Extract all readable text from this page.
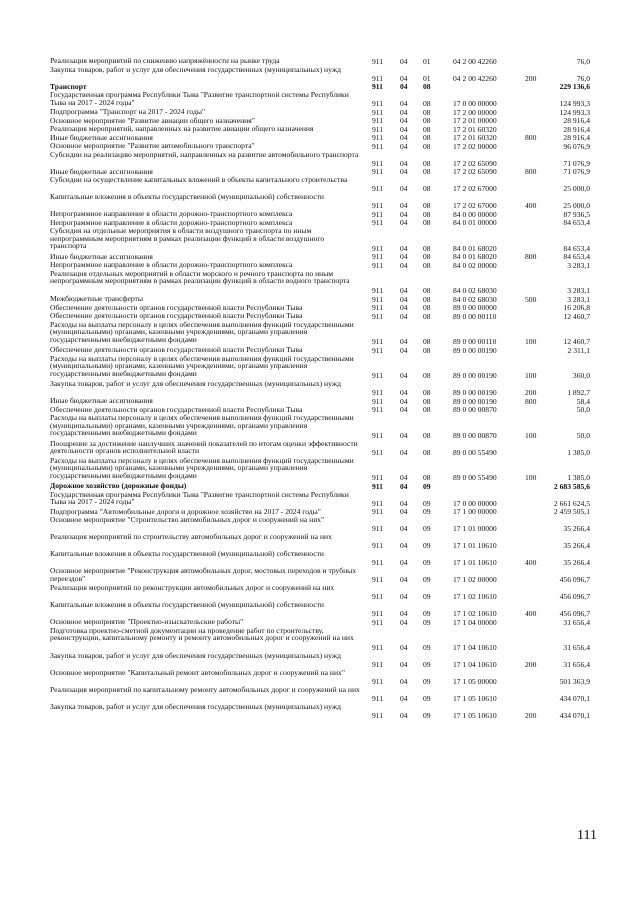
Реализация мероприятий по снижению напряжённости на рынке труда	911 04 01	04 2 00 42260	76,0
Закупка товаров, работ и услуг для обеспечения государственных (муниципальных) нужд
911 04 01	04 2 00 42260	200	76,0
Транспорт	911 04 08	229 136,6
Государственная программа Республики Тыва "Развитие транспортной системы Республики Тыва на 2017 - 2024 годы"	911 04 08	17 0 00 00000	124 993,3
Подпрограмма "Транспорт на 2017 - 2024 годы"	911 04 08	17 2 00 00000	124 993,3
Основное мероприятие "Развитие авиации общего назначения"	911 04 08	17 2 01 00000	28 916,4
Реализация мероприятий, направленных на развитие авиации общего назначения	911 04 08	17 2 01 60320	28 916,4
Иные бюджетные ассигнования	911 04 08	17 2 01 60320	800	28 916,4
Основное мероприятие "Развитие автомобильного транспорта"	911 04 08	17 2 02 00000	96 076,9
Субсидии на реализацию мероприятий, направленных на развитие автомобильного транспорта
911 04 08	17 2 02 65090	71 076,9
Иные бюджетные ассигнования	911 04 08	17 2 02 65090	800	71 076,9
Субсидии на осуществление капитальных вложений в объекты капитального строительства
911 04 08	17 2 02 67000	25 000,0
Капитальные вложения в объекты государственной (муниципальной) собственности
911 04 08	17 2 02 67000	400	25 000,0
Непрограммное направление в области дорожно-транспортного комплекса	911 04 08	84 0 00 00000	87 936,5
Непрограммное направление в области дорожно-транспортного комплекса	911 04 08	84 0 01 00000	84 653,4
Субсидия на отдельные мероприятия в области воздушного транспорта по иным непрограммным мероприятиям в рамках реализации функций в области воздушного транспорта	911 04 08	84 0 01 68020	84 653,4
Иные бюджетные ассигнования	911 04 08	84 0 01 68020	800	84 653,4
Непрограммное направление в области дорожно-транспортного комплекса	911 04 08	84 0 02 00000	3 283,1
Реализация отдельных мероприятий в области морского и речного транспорта по иным непрограммным мероприятиям в рамках реализации функций в области водного транспорта
911 04 08	84 0 02 68030	3 283,1
Межбюджетные трансферты	911 04 08	84 0 02 68030	500	3 283,1
Обеспечение деятельности органов государственной власти Республики Тыва	911 04 08	89 0 00 00000	16 206,8
Обеспечение деятельности органов государственной власти Республики Тыва	911 04 08	89 0 00 00110	12 460,7
Расходы на выплаты персоналу в целях обеспечения выполнения функций государственными (муниципальными) органами, казенными учреждениями, органами управления государственными внебюджетными фондами	911 04 08	89 0 00 00110	100	12 460,7
Обеспечение деятельности органов государственной власти Республики Тыва	911 04 08	89 0 00 00190	2 311,1
Расходы на выплаты персоналу в целях обеспечения выполнения функций государственными (муниципальными) органами, казенными учреждениями, органами управления государственными внебюджетными фондами	911 04 08	89 0 00 00190	100	360,0
Закупка товаров, работ и услуг для обеспечения государственных (муниципальных) нужд
911 04 08	89 0 00 00190	200	1 892,7
Иные бюджетные ассигнования	911 04 08	89 0 00 00190	800	58,4
Обеспечение деятельности органов государственной власти Республики Тыва	911 04 08	89 0 00 00870	50,0
Расходы на выплаты персоналу в целях обеспечения выполнения функций государственными (муниципальными) органами, казенными учреждениями, органами управления государственными внебюджетными фондами	911 04 08	89 0 00 00870	100	50,0
Поощрение за достижение наилучших значений показателей по итогам оценки эффективности деятельности органов исполнительной власти	911 04 08	89 0 00 55490	1 385,0
Расходы на выплаты персоналу в целях обеспечения выполнения функций государственными (муниципальными) органами, казенными учреждениями, органами управления государственными внебюджетными фондами	911 04 08	89 0 00 55490	100	1 385,0
Дорожное хозяйство (дорожные фонды)	911 04 09	2 683 585,6
Государственная программа Республики Тыва "Развитие транспортной системы Республики Тыва на 2017 - 2024 годы"	911 04 09	17 0 00 00000	2 661 624,5
Подпрограмма "Автомобильные дороги и дорожное хозяйство на 2017 - 2024 годы"	911 04 09	17 1 00 00000	2 459 505,1
Основное мероприятие "Строительство автомобильных дорог и сооружений на них"
911 04 09	17 1 01 00000	35 266,4
Реализация мероприятий по строительству автомобильных дорог и сооружений на них
911 04 09	17 1 01 10610	35 266,4
Капитальные вложения в объекты государственной (муниципальной) собственности
911 04 09	17 1 01 10610	400	35 266,4
Основное мероприятие "Реконструкция автомобильных дорог, мостовых переходов и трубных переездов"	911 04 09	17 1 02 00000	456 096,7
Реализация мероприятий по реконструкции автомобильных дорог и сооружений на них
911 04 09	17 1 02 10610	456 096,7
Капитальные вложения в объекты государственной (муниципальной) собственности
911 04 09	17 1 02 10610	400	456 096,7
Основное мероприятие "Проектно-изыскательские работы"	911 04 09	17 1 04 00000	31 656,4
Подготовка проектно-сметной документации на проведение работ по строительству, реконструкции, капитальному ремонту и ремонту автомобильных дорог и сооружений на них
911 04 09	17 1 04 10610	31 656,4
Закупка товаров, работ и услуг для обеспечения государственных (муниципальных) нужд
911 04 09	17 1 04 10610	200	31 656,4
Основное мероприятие "Капитальный ремонт автомобильных дорог и сооружений на них"
911 04 09	17 1 05 00000	501 363,9
Реализация мероприятий по капитальному ремонту автомобильных дорог и сооружений на них
911 04 09	17 1 05 10610	434 070,1
Закупка товаров, работ и услуг для обеспечения государственных (муниципальных) нужд
911 04 09	17 1 05 10610	200	434 070,1
111
